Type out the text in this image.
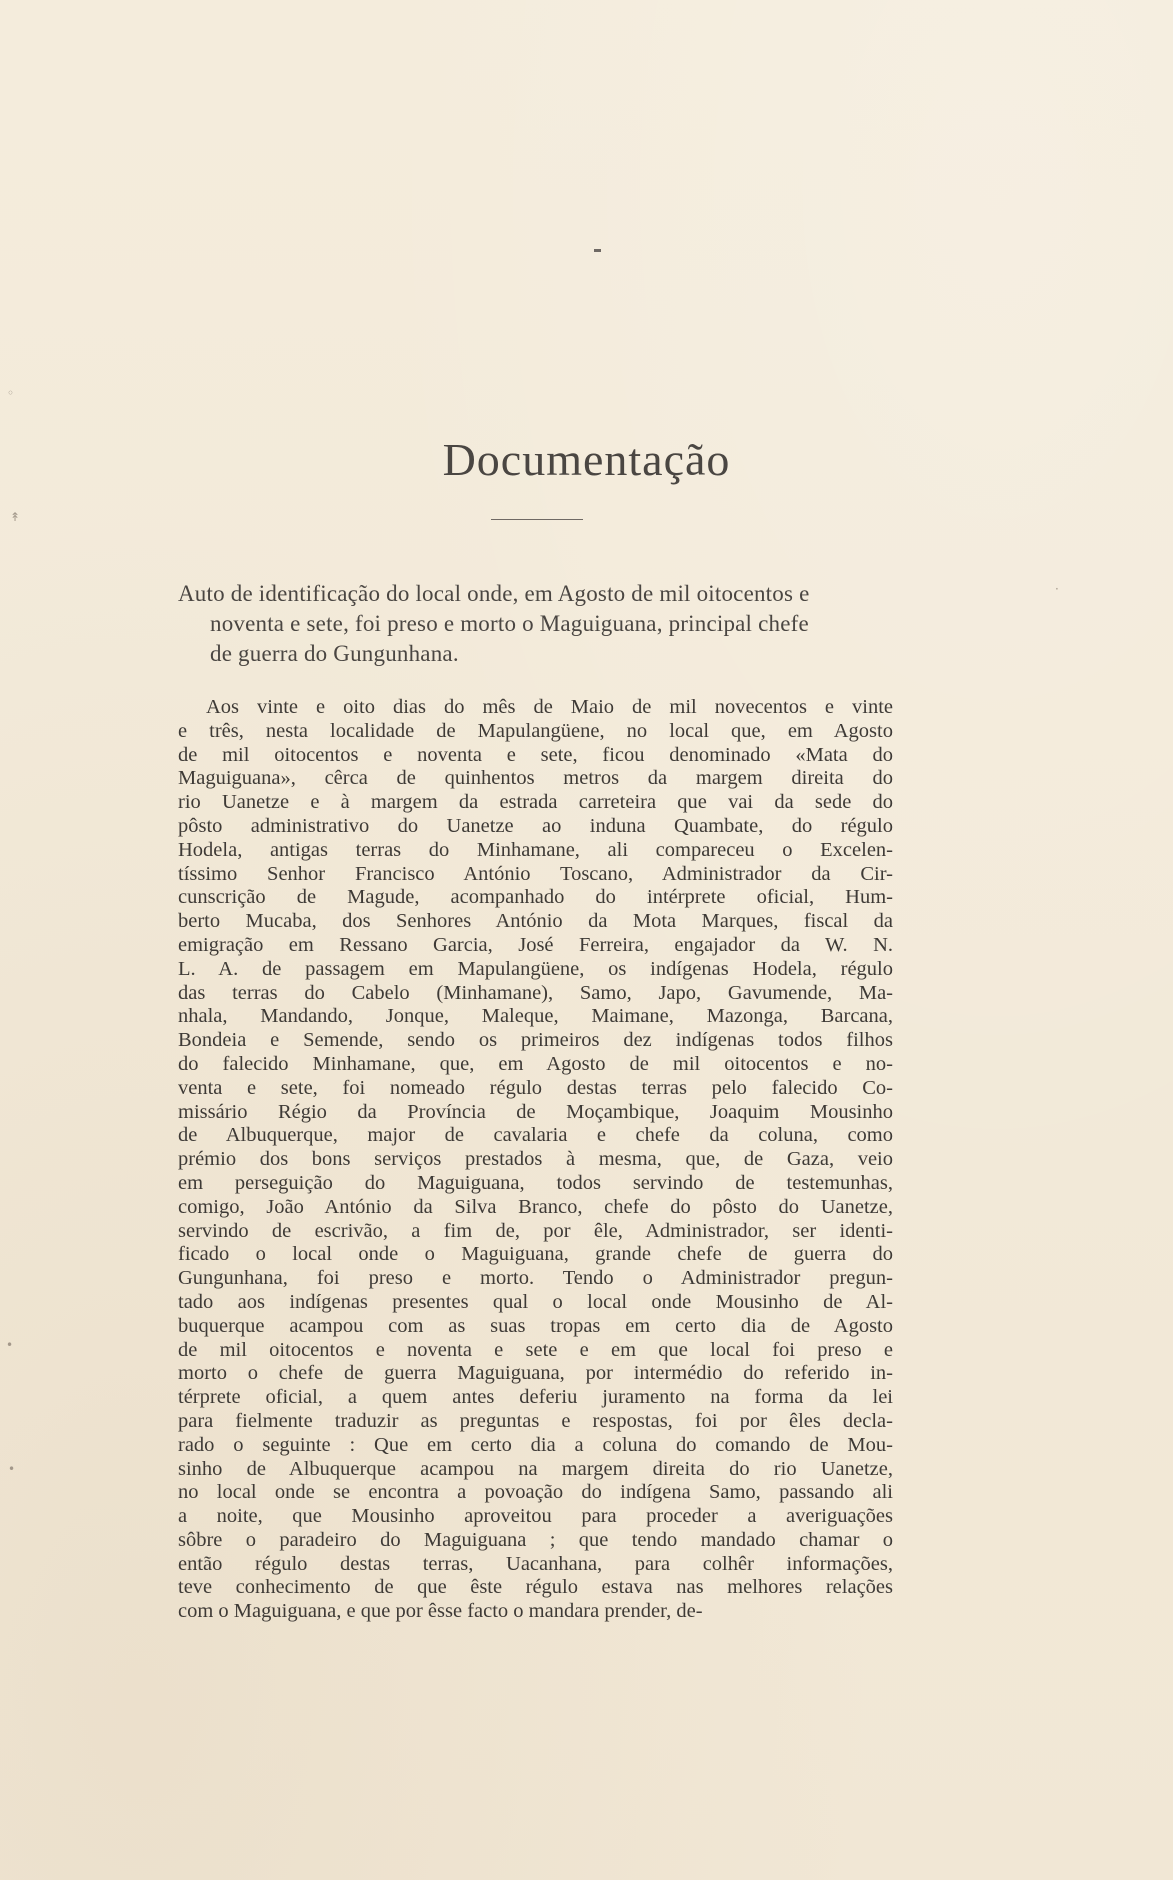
◦
↟
•
•
·
Documentação
Auto de identificação do local onde, em Agosto de mil oitocentos e
noventa e sete, foi preso e morto o Maguiguana, principal chefe
de guerra do Gungunhana.
Aos vinte e oito dias do mês de Maio de mil novecentos e vinte
e três, nesta localidade de Mapulangüene, no local que, em Agosto
de mil oitocentos e noventa e sete, ficou denominado «Mata do
Maguiguana», cêrca de quinhentos metros da margem direita do
rio Uanetze e à margem da estrada carreteira que vai da sede do
pôsto administrativo do Uanetze ao induna Quambate, do régulo
Hodela, antigas terras do Minhamane, ali compareceu o Excelen-
tíssimo Senhor Francisco António Toscano, Administrador da Cir-
cunscrição de Magude, acompanhado do intérprete oficial, Hum-
berto Mucaba, dos Senhores António da Mota Marques, fiscal da
emigração em Ressano Garcia, José Ferreira, engajador da W. N.
L. A. de passagem em Mapulangüene, os indígenas Hodela, régulo
das terras do Cabelo (Minhamane), Samo, Japo, Gavumende, Ma-
nhala, Mandando, Jonque, Maleque, Maimane, Mazonga, Barcana,
Bondeia e Semende, sendo os primeiros dez indígenas todos filhos
do falecido Minhamane, que, em Agosto de mil oitocentos e no-
venta e sete, foi nomeado régulo destas terras pelo falecido Co-
missário Régio da Província de Moçambique, Joaquim Mousinho
de Albuquerque, major de cavalaria e chefe da coluna, como
prémio dos bons serviços prestados à mesma, que, de Gaza, veio
em perseguição do Maguiguana, todos servindo de testemunhas,
comigo, João António da Silva Branco, chefe do pôsto do Uanetze,
servindo de escrivão, a fim de, por êle, Administrador, ser identi-
ficado o local onde o Maguiguana, grande chefe de guerra do
Gungunhana, foi preso e morto. Tendo o Administrador pregun-
tado aos indígenas presentes qual o local onde Mousinho de Al-
buquerque acampou com as suas tropas em certo dia de Agosto
de mil oitocentos e noventa e sete e em que local foi preso e
morto o chefe de guerra Maguiguana, por intermédio do referido in-
térprete oficial, a quem antes deferiu juramento na forma da lei
para fielmente traduzir as preguntas e respostas, foi por êles decla-
rado o seguinte : Que em certo dia a coluna do comando de Mou-
sinho de Albuquerque acampou na margem direita do rio Uanetze,
no local onde se encontra a povoação do indígena Samo, passando ali
a noite, que Mousinho aproveitou para proceder a averiguações
sôbre o paradeiro do Maguiguana ; que tendo mandado chamar o
então régulo destas terras, Uacanhana, para colhêr informações,
teve conhecimento de que êste régulo estava nas melhores relações
com o Maguiguana, e que por êsse facto o mandara prender, de-
